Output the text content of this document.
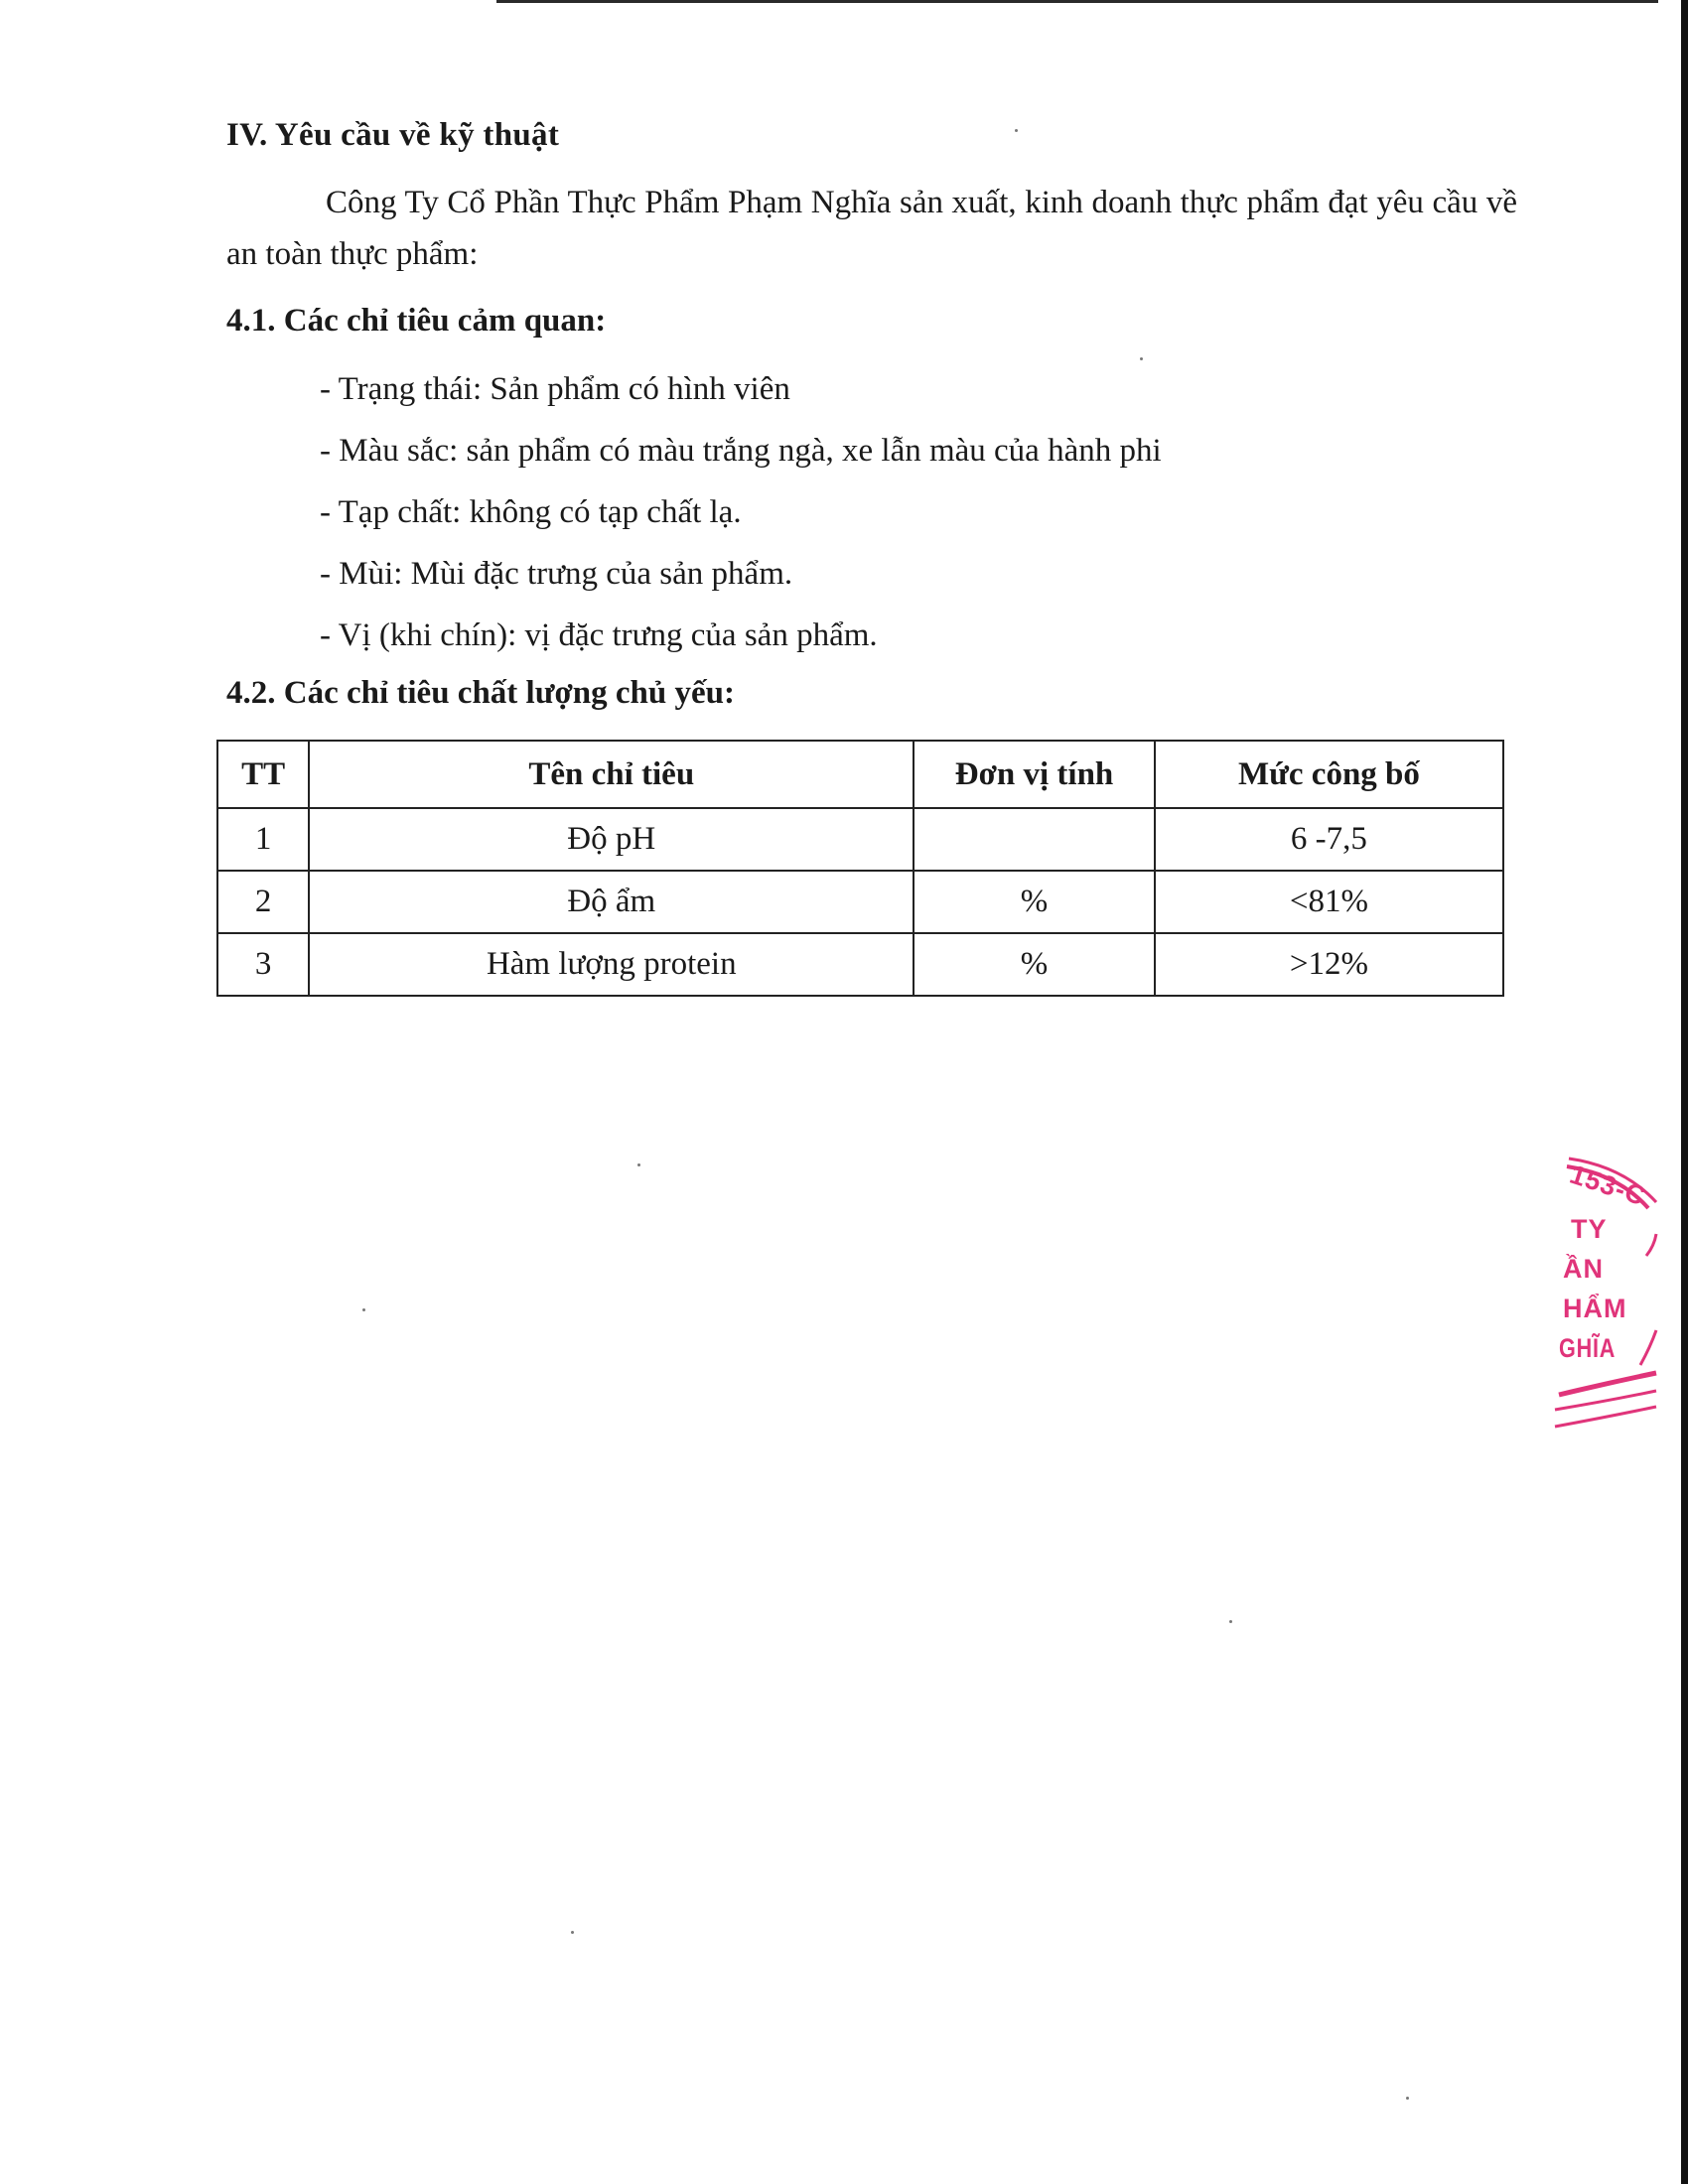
IV. Yêu cầu về kỹ thuật

Công Ty Cổ Phần Thực Phẩm Phạm Nghĩa sản xuất, kinh doanh thực phẩm đạt yêu cầu về an toàn thực phẩm:

4.1. Các chỉ tiêu cảm quan:
- Trạng thái: Sản phẩm có hình viên
- Màu sắc: sản phẩm có màu trắng ngà, xe lẫn màu của hành phi
- Tạp chất: không có tạp chất lạ.
- Mùi: Mùi đặc trưng của sản phẩm.
- Vị (khi chín): vị đặc trưng của sản phẩm.
4.2. Các chỉ tiêu chất lượng chủ yếu:
TT	Tên chỉ tiêu	Đơn vị tính	Mức công bố
1	Độ pH		6 -7,5
2	Độ ẩm	%	<81%
3	Hàm lượng protein	%	>12%
153-C
TY
ẦN
HẨM
GHĨA
